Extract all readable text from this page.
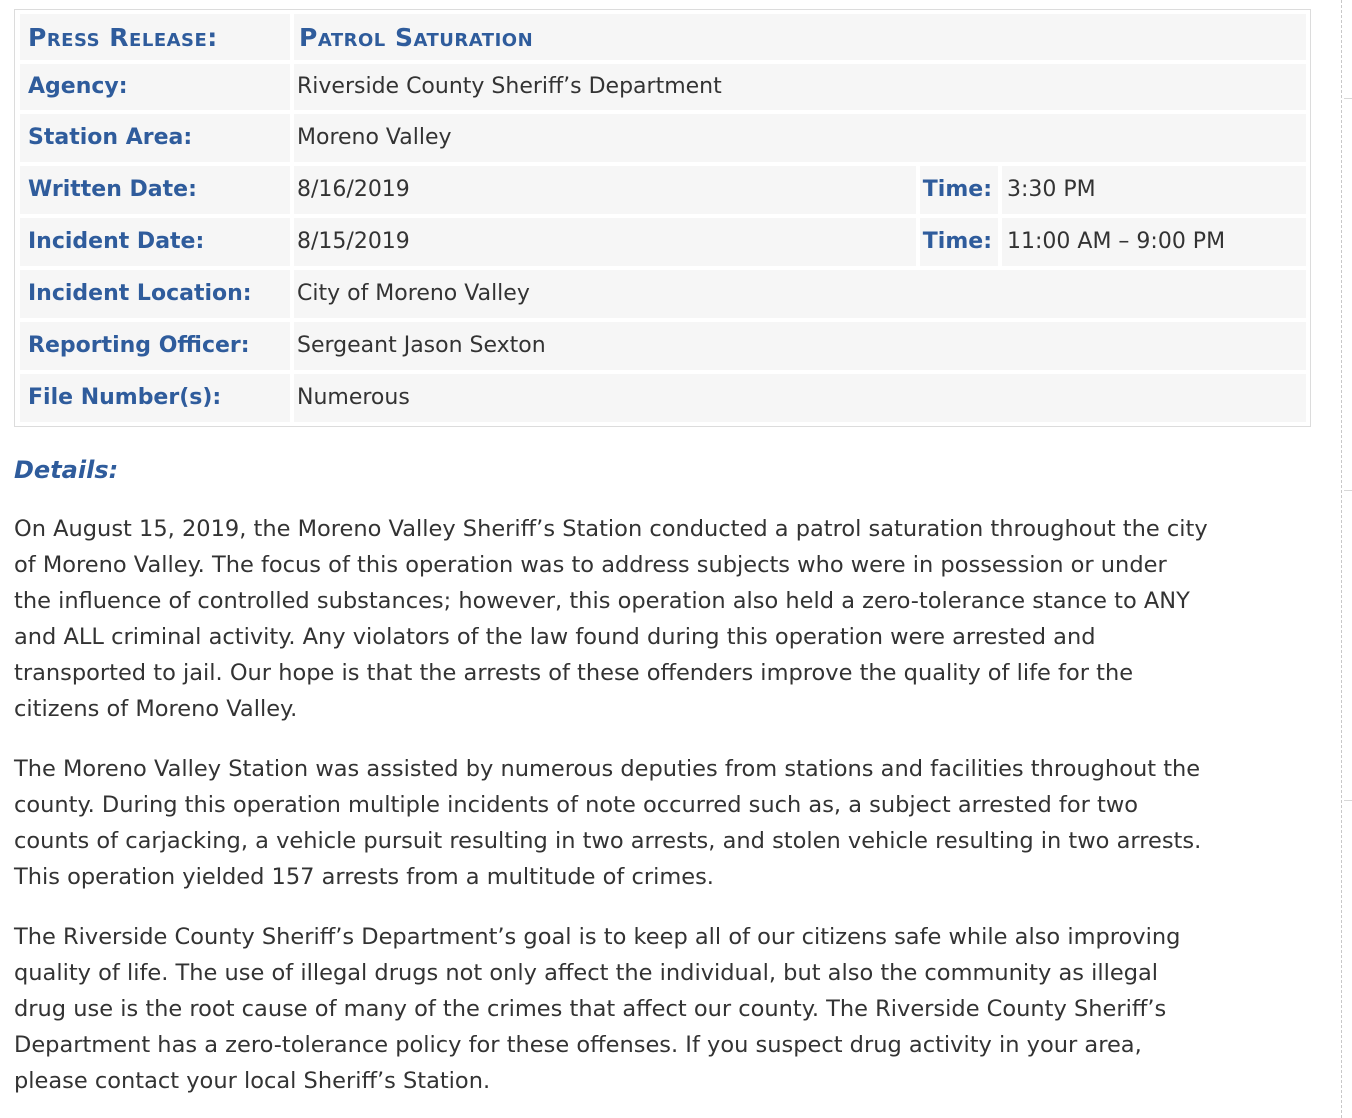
Press Release:	Patrol Saturation
Agency:	Riverside County Sheriff’s Department
Station Area:	Moreno Valley
Written Date:	8/16/2019	Time: 3:30 PM
Incident Date:	8/15/2019	Time: 11:00 AM – 9:00 PM
Incident Location:	City of Moreno Valley
Reporting Officer:	Sergeant Jason Sexton
File Number(s):	Numerous
Details:

On August 15, 2019, the Moreno Valley Sheriff’s Station conducted a patrol saturation throughout the city
of Moreno Valley. The focus of this operation was to address subjects who were in possession or under
the influence of controlled substances; however, this operation also held a zero-tolerance stance to ANY
and ALL criminal activity. Any violators of the law found during this operation were arrested and
transported to jail. Our hope is that the arrests of these offenders improve the quality of life for the
citizens of Moreno Valley.

The Moreno Valley Station was assisted by numerous deputies from stations and facilities throughout the
county. During this operation multiple incidents of note occurred such as, a subject arrested for two
counts of carjacking, a vehicle pursuit resulting in two arrests, and stolen vehicle resulting in two arrests.
This operation yielded 157 arrests from a multitude of crimes.

The Riverside County Sheriff’s Department’s goal is to keep all of our citizens safe while also improving
quality of life. The use of illegal drugs not only affect the individual, but also the community as illegal
drug use is the root cause of many of the crimes that affect our county. The Riverside County Sheriff’s
Department has a zero-tolerance policy for these offenses. If you suspect drug activity in your area,
please contact your local Sheriff’s Station.
